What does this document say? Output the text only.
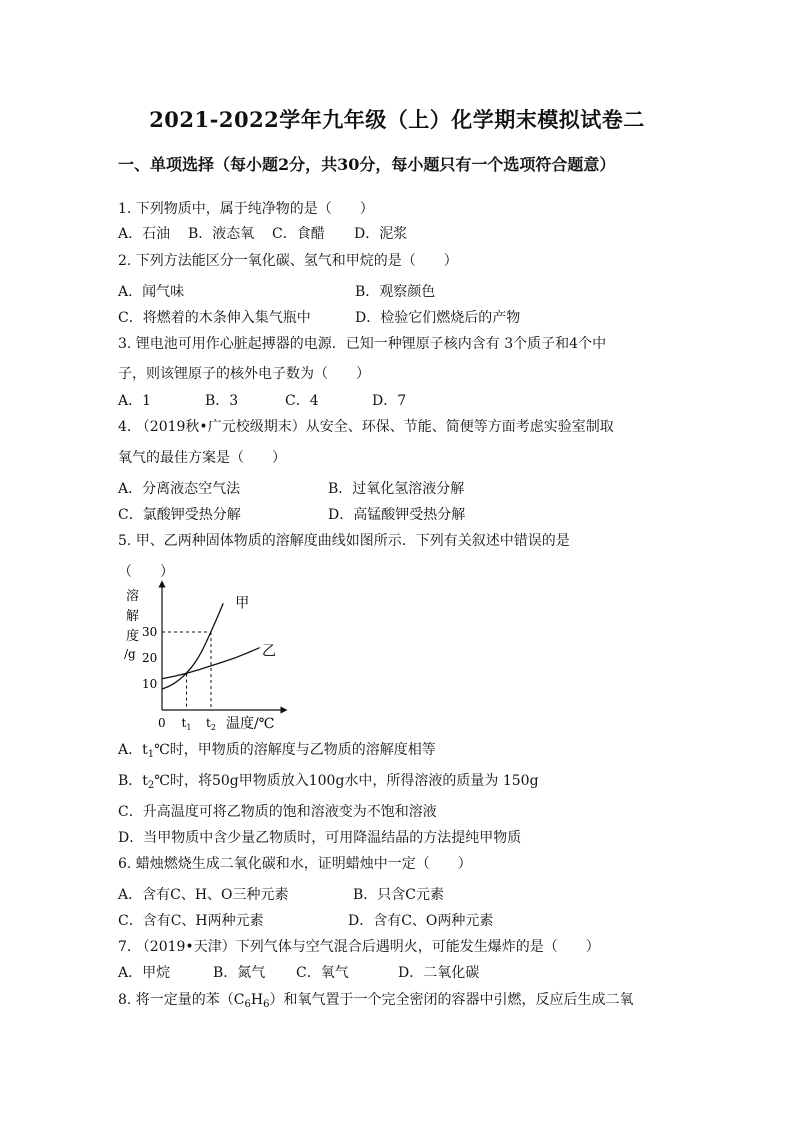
2021-2022学年九年级（上）化学期末模拟试卷二
一、单项选择（每小题2分，共30分，每小题只有一个选项符合题意）
1. 下列物质中，属于纯净物的是（　　）
A．石油 B．液态氧 C．食醋 D．泥浆
2. 下列方法能区分一氧化碳、氢气和甲烷的是（　　）
A．闻气味	B．观察颜色
C．将燃着的木条伸入集气瓶中	D．检验它们燃烧后的产物
3. 锂电池可用作心脏起搏器的电源．已知一种锂原子核内含有 3个质子和4个中
子，则该锂原子的核外电子数为（　　）
A．1	B．3	C．4	D．7
4. （2019秋•广元校级期末）从安全、环保、节能、简便等方面考虑实验室制取
氧气的最佳方案是（　　）
A．分离液态空气法	B．过氧化氢溶液分解
C．氯酸钾受热分解	D．高锰酸钾受热分解
5. 甲、乙两种固体物质的溶解度曲线如图所示．下列有关叙述中错误的是
（　　）
溶
解
度
/g
30
20
10
0 $t_1$ $t_2$ 温度/℃
甲
乙
A．$t_1℃$时，甲物质的溶解度与乙物质的溶解度相等
B．$t_2℃$时，将50g甲物质放入100g水中，所得溶液的质量为 150g
C．升高温度可将乙物质的饱和溶液变为不饱和溶液
D．当甲物质中含少量乙物质时，可用降温结晶的方法提纯甲物质
6. 蜡烛燃烧生成二氧化碳和水，证明蜡烛中一定（　　）
A．含有C、H、O三种元素	B．只含C元素
C．含有C、H两种元素	D．含有C、O两种元素
7. （2019•天津）下列气体与空气混合后遇明火，可能发生爆炸的是（　　）
A．甲烷	B．氮气 C．氧气	D．二氧化碳
8. 将一定量的苯$(C_6H_6)$和氧气置于一个完全密闭的容器中引燃，反应后生成二氧
